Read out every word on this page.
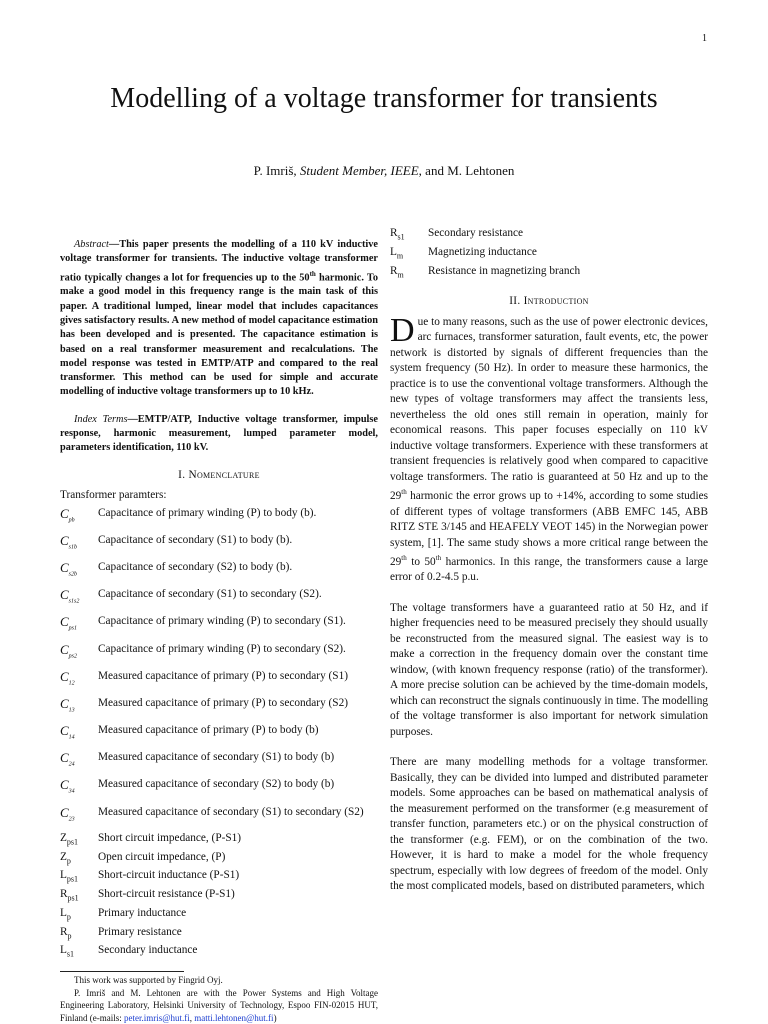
1
Modelling of a voltage transformer for transients
P. Imriš, Student Member, IEEE, and M. Lehtonen

Abstract—This paper presents the modelling of a 110 kV inductive voltage transformer for transients. The inductive voltage transformer ratio typically changes a lot for frequencies up to the 50th harmonic. To make a good model in this frequency range is the main task of this paper. A traditional lumped, linear model that includes capacitances gives satisfactory results. A new method of model capacitance estimation has been developed and is presented. The capacitance estimation is based on a real transformer measurement and recalculations. The model response was tested in EMTP/ATP and compared to the real transformer. This method can be used for simple and accurate modelling of inductive voltage transformers up to 10 kHz.

Index Terms—EMTP/ATP, Inductive voltage transformer, impulse response, harmonic measurement, lumped parameter model, parameters identification, 110 kV.

I. Nomenclature

Transformer paramters:

$C_{pb}$
Capacitance of primary winding (P) to body (b).
$C_{s1b}$
Capacitance of secondary (S1) to body (b).
$C_{s2b}$
Capacitance of secondary (S2) to body (b).
$C_{s1s2}$
Capacitance of secondary (S1) to secondary (S2).
$C_{ps1}$
Capacitance of primary winding (P) to secondary (S1).
$C_{ps2}$
Capacitance of primary winding (P) to secondary (S2).
$C_{12}$
Measured capacitance of primary (P) to secondary (S1)
$C_{13}$
Measured capacitance of primary (P) to secondary (S2)
$C_{14}$
Measured capacitance of primary (P) to body (b)
$C_{24}$
Measured capacitance of secondary (S1) to body (b)
$C_{34}$
Measured capacitance of secondary (S2) to body (b)
$C_{23}$
Measured capacitance of secondary (S1) to secondary (S2)
$Z_{ps1}$	Short circuit impedance, (P-S1)
$Z_p$	Open circuit impedance, (P)
$L_{ps1}$	Short-circuit inductance (P-S1)
$R_{ps1}$	Short-circuit resistance (P-S1)
$L_p$	Primary inductance
$R_p$	Primary resistance
$L_{s1}$	Secondary inductance

This work was supported by Fingrid Oyj.

P. Imriš and M. Lehtonen are with the Power Systems and High Voltage Engineering Laboratory, Helsinki University of Technology, Espoo FIN-02015 HUT, Finland (e-mails: peter.imris@hut.fi, matti.lehtonen@hut.fi)

$R_{s1}$	Secondary resistance
$L_m$	Magnetizing inductance
$R_m$	Resistance in magnetizing branch

II. Introduction

Due to many reasons, such as the use of power electronic devices, arc furnaces, transformer saturation, fault events, etc, the power network is distorted by signals of different frequencies than the system frequency (50 Hz). In order to measure these harmonics, the practice is to use the conventional voltage transformers. Although the new types of voltage transformers may affect the transients less, nevertheless the old ones still remain in operation, mainly for economical reasons. This paper focuses especially on 110 kV inductive voltage transformers. Experience with these transformers at transient frequencies is relatively good when compared to capacitive voltage transformers. The ratio is guaranteed at 50 Hz and up to the 29th harmonic the error grows up to +14%, according to some studies of different types of voltage transformers (ABB EMFC 145, ABB RITZ STE 3/145 and HEAFELY VEOT 145) in the Norwegian power system, [1]. The same study shows a more critical range between the 29th to 50th harmonics. In this range, the transformers cause a large error of 0.2-4.5 p.u.

The voltage transformers have a guaranteed ratio at 50 Hz, and if higher frequencies need to be measured precisely they should usually be reconstructed from the measured signal. The easiest way is to make a correction in the frequency domain over the constant time window, (with known frequency response (ratio) of the transformer). A more precise solution can be achieved by the time-domain models, which can reconstruct the signals continuously in time. The modelling of the voltage transformer is also important for network simulation purposes.

There are many modelling methods for a voltage transformer. Basically, they can be divided into lumped and distributed parameter models. Some approaches can be based on mathematical analysis of the measurement performed on the transformer (e.g measurement of transfer function, parameters etc.) or on the physical construction of the transformer (e.g. FEM), or on the combination of the two. However, it is hard to make a model for the whole frequency spectrum, especially with low degrees of freedom of the model. Only the most complicated models, based on distributed parameters, which
